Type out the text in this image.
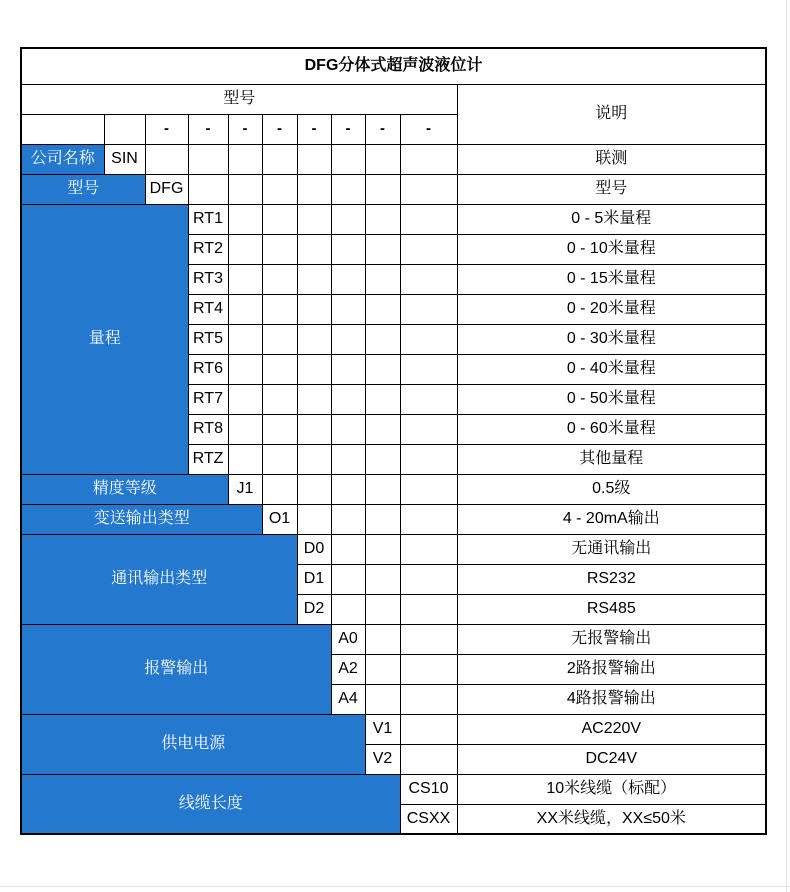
DFG分体式超声波液位计										
型号										说明
		-	-	-	-	-	-	-	-	
公司名称	SIN									联测
型号		DFG								型号
量程			RT1							0 - 5米量程
			RT2							0 - 10米量程
			RT3							0 - 15米量程
			RT4							0 - 20米量程
			RT5							0 - 30米量程
			RT6							0 - 40米量程
			RT7							0 - 50米量程
			RT8							0 - 60米量程
			RTZ							其他量程
精度等级				J1						0.5级
变送输出类型					O1					4 - 20mA输出
通讯输出类型						D0				无通讯输出
						D1				RS232
						D2				RS485
报警输出							A0			无报警输出
							A2			2路报警输出
							A4			4路报警输出
供电电源								V1		AC220V
								V2		DC24V
线缆长度									CS10	10米线缆（标配）
									CSXX	XX米线缆，XX≤50米
